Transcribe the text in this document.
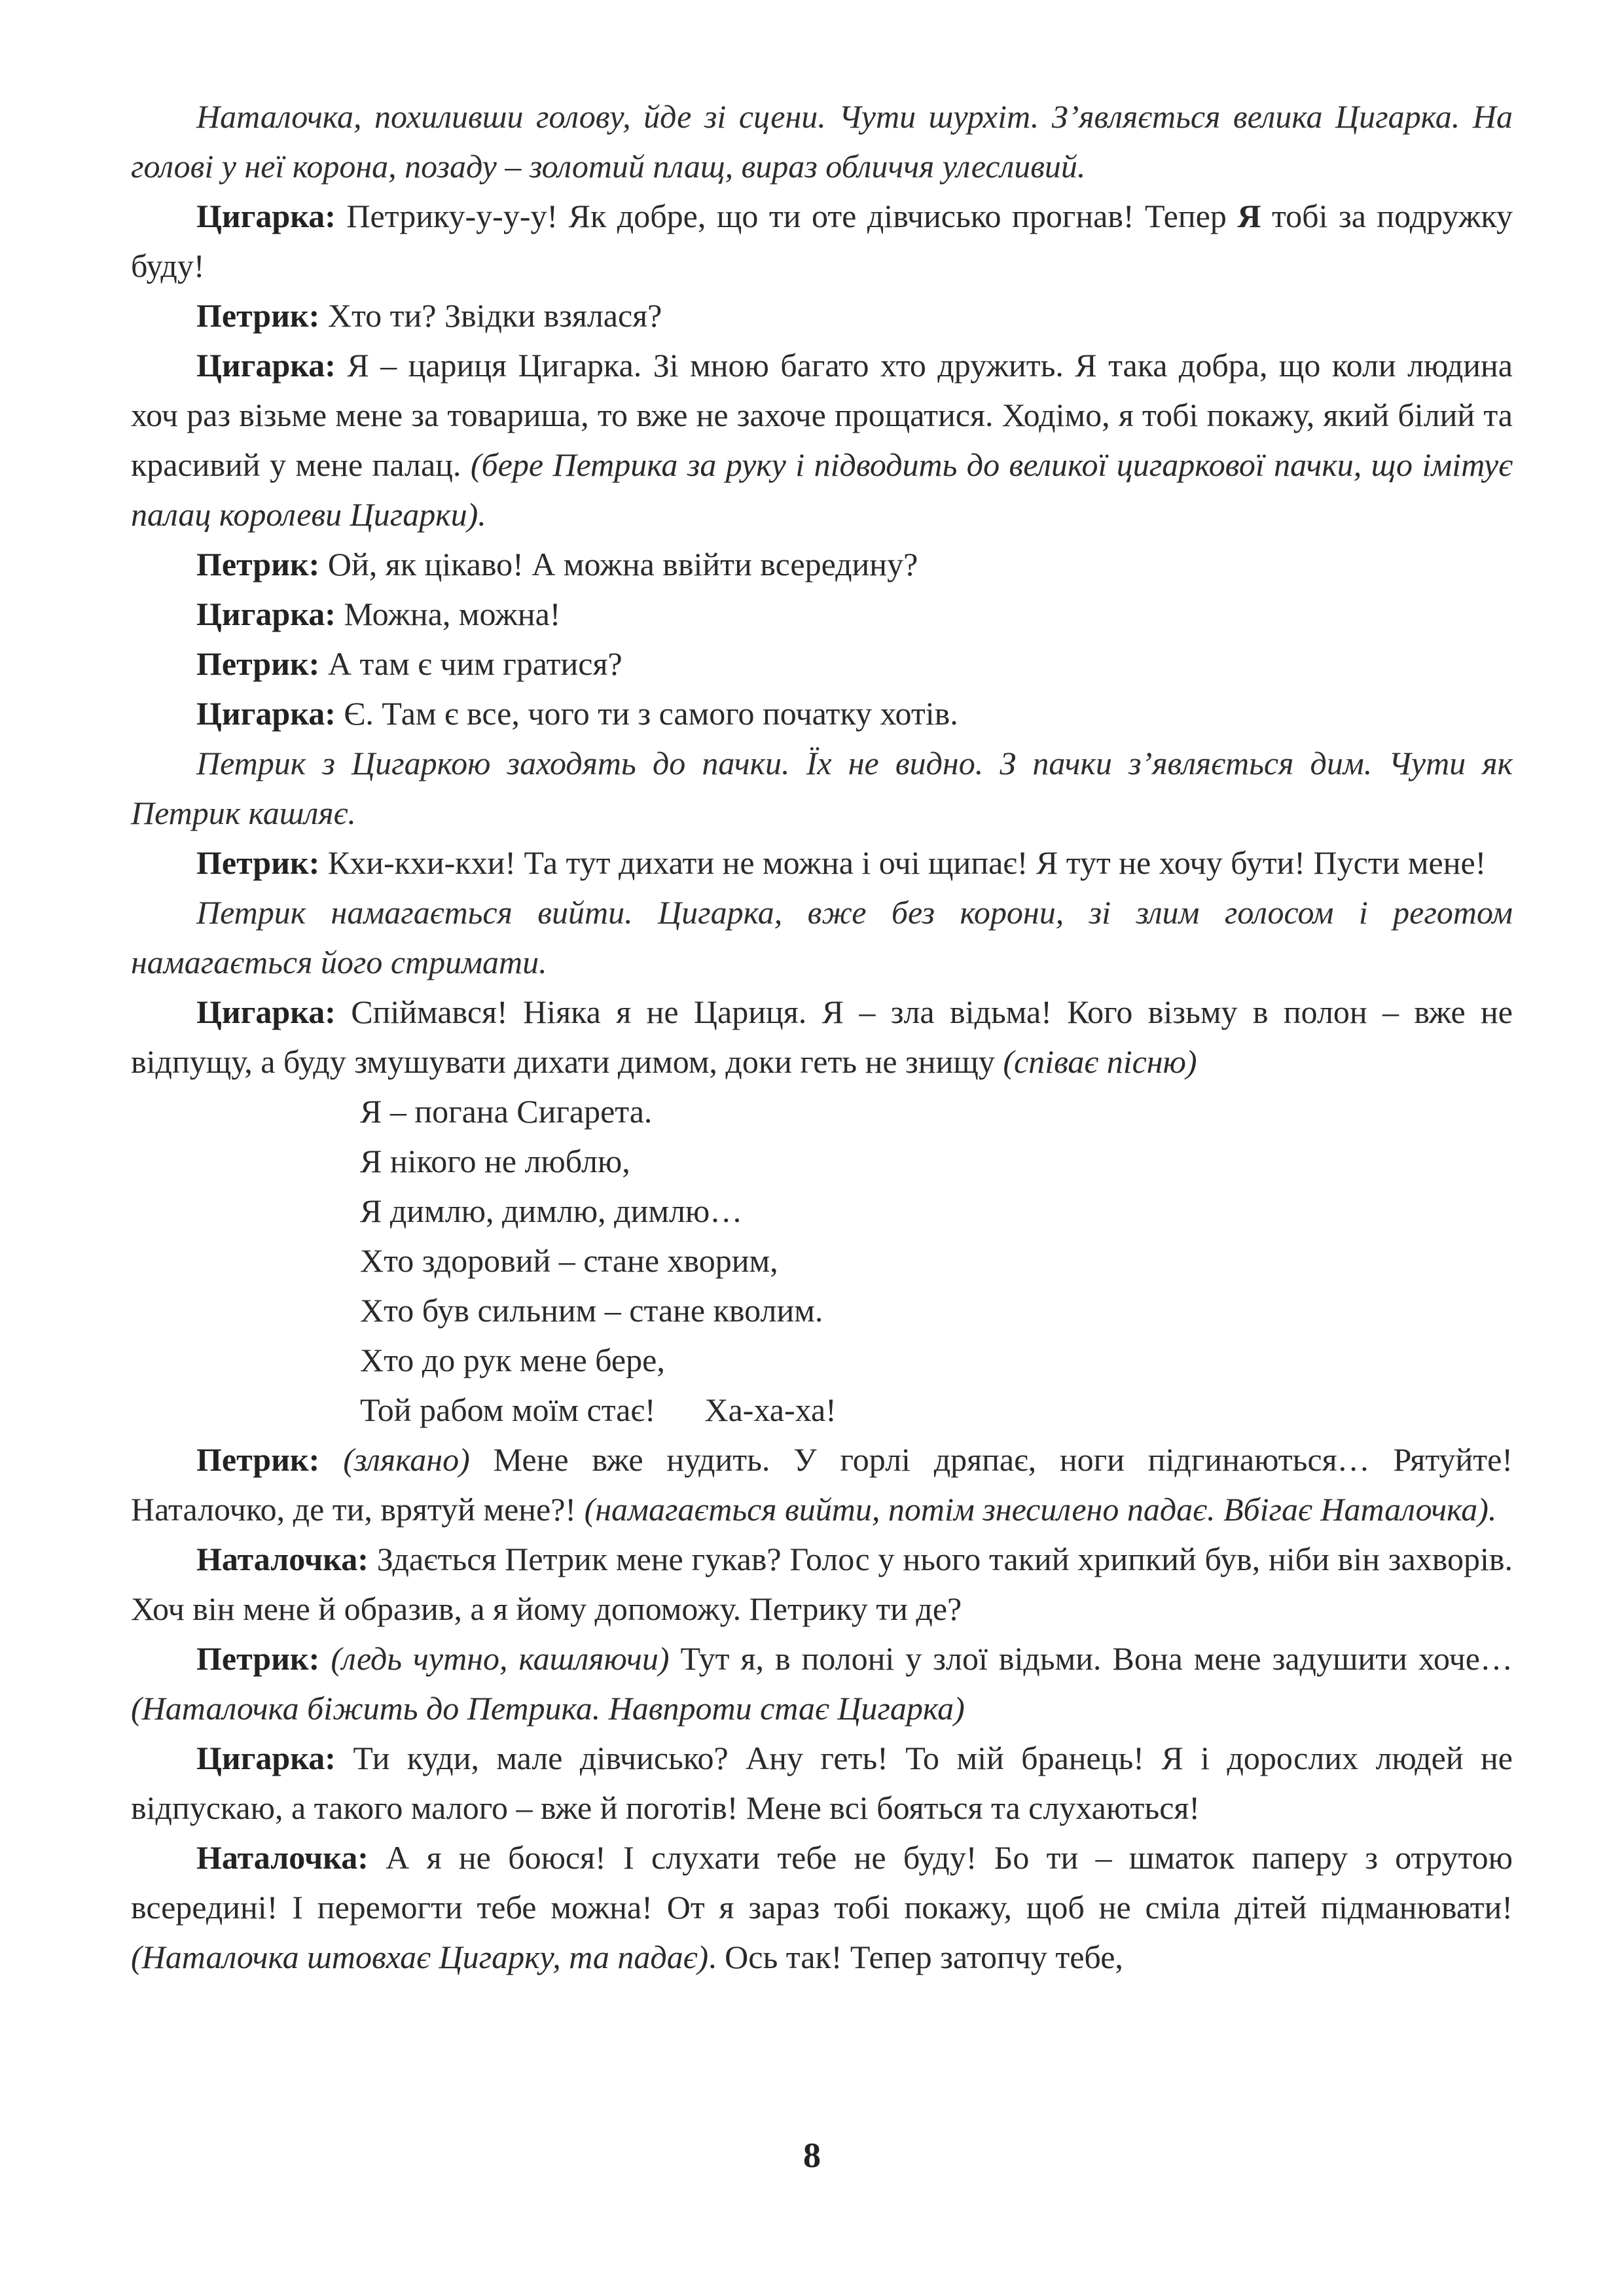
Наталочка, похиливши голову, йде зі сцени. Чути шурхіт. З’являється велика Цигарка. На голові у неї корона, позаду – золотий плащ, вираз обличчя улесливий.

Цигарка: Петрику-у-у-у! Як добре, що ти оте дівчисько прогнав! Тепер Я тобі за подружку буду!

Петрик: Хто ти? Звідки взялася?

Цигарка: Я – цариця Цигарка. Зі мною багато хто дружить. Я така добра, що коли людина хоч раз візьме мене за товариша, то вже не захоче прощатися. Ходімо, я тобі покажу, який білий та красивий у мене палац. (бере Петрика за руку і підводить до великої цигаркової пачки, що імітує палац королеви Цигарки).

Петрик: Ой, як цікаво! А можна ввійти всередину?

Цигарка: Можна, можна!

Петрик: А там є чим гратися?

Цигарка: Є. Там є все, чого ти з самого початку хотів.

Петрик з Цигаркою заходять до пачки. Їх не видно. З пачки з’являється дим. Чути як Петрик кашляє.

Петрик: Кхи-кхи-кхи! Та тут дихати не можна і очі щипає! Я тут не хочу бути! Пусти мене!

Петрик намагається вийти. Цигарка, вже без корони, зі злим голосом і реготом намагається його стримати.

Цигарка: Спіймався! Ніяка я не Цариця. Я – зла відьма! Кого візьму в полон – вже не відпущу, а буду змушувати дихати димом, доки геть не знищу (співає пісню)

Я – погана Сигарета.
Я нікого не люблю,
Я димлю, димлю, димлю…
Хто здоровий – стане хворим,
Хто був сильним – стане кволим.
Хто до рук мене бере,
Той рабом моїм стає!      Ха-ха-ха!

Петрик: (злякано) Мене вже нудить. У горлі дряпає, ноги підгинаються… Рятуйте! Наталочко, де ти, врятуй мене?! (намагається вийти, потім знесилено падає. Вбігає Наталочка).

Наталочка: Здається Петрик мене гукав? Голос у нього такий хрипкий був, ніби він захворів. Хоч він мене й образив, а я йому допоможу. Петрику ти де?

Петрик: (ледь чутно, кашляючи) Тут я, в полоні у злої відьми. Вона мене задушити хоче… (Наталочка біжить до Петрика. Навпроти стає Цигарка)

Цигарка: Ти куди, мале дівчисько? Ану геть! То мій бранець! Я і дорослих людей не відпускаю, а такого малого – вже й поготів! Мене всі бояться та слухаються!

Наталочка: А я не боюся! І слухати тебе не буду! Бо ти – шматок паперу з отрутою всередині! І перемогти тебе можна! От я зараз тобі покажу, щоб не сміла дітей підманювати! (Наталочка штовхає Цигарку, та падає). Ось так! Тепер затопчу тебе,

8
